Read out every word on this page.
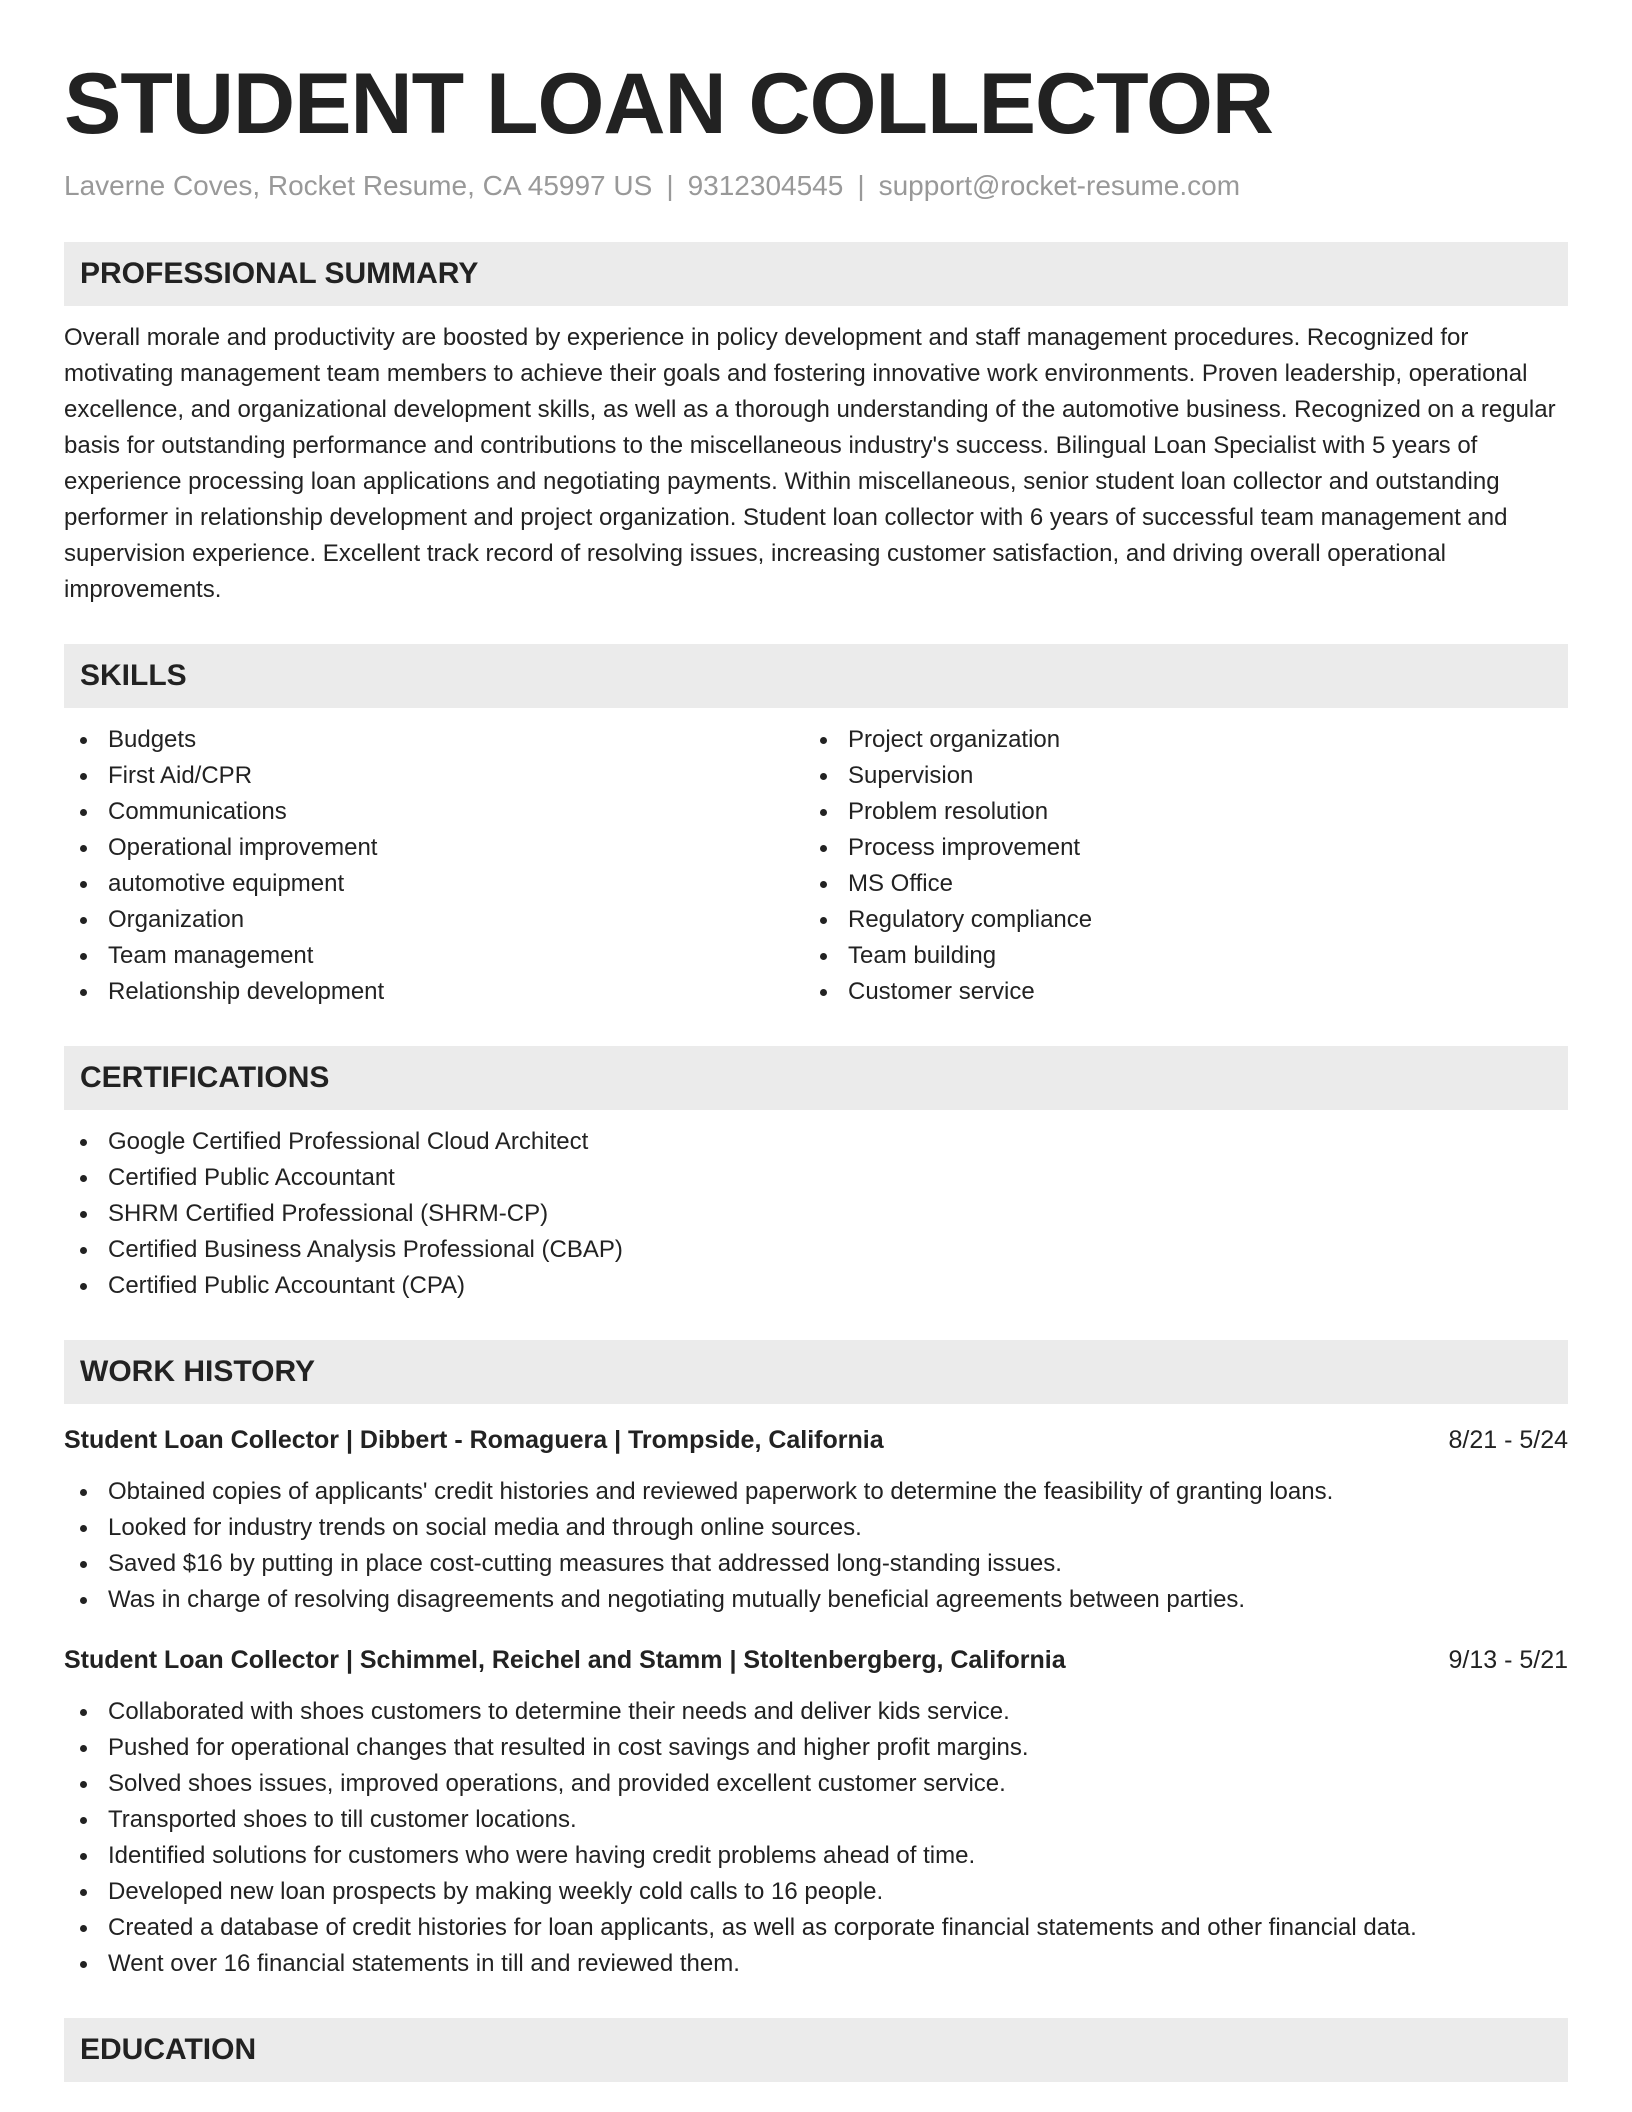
STUDENT LOAN COLLECTOR
Laverne Coves, Rocket Resume, CA 45997 US | 9312304545 | support@rocket-resume.com
PROFESSIONAL SUMMARY
Overall morale and productivity are boosted by experience in policy development and staff management procedures. Recognized for motivating management team members to achieve their goals and fostering innovative work environments. Proven leadership, operational excellence, and organizational development skills, as well as a thorough understanding of the automotive business. Recognized on a regular basis for outstanding performance and contributions to the miscellaneous industry's success. Bilingual Loan Specialist with 5 years of experience processing loan applications and negotiating payments. Within miscellaneous, senior student loan collector and outstanding performer in relationship development and project organization. Student loan collector with 6 years of successful team management and supervision experience. Excellent track record of resolving issues, increasing customer satisfaction, and driving overall operational improvements.
SKILLS
Budgets
First Aid/CPR
Communications
Operational improvement
automotive equipment
Organization
Team management
Relationship development
Project organization
Supervision
Problem resolution
Process improvement
MS Office
Regulatory compliance
Team building
Customer service
CERTIFICATIONS
Google Certified Professional Cloud Architect
Certified Public Accountant
SHRM Certified Professional (SHRM-CP)
Certified Business Analysis Professional (CBAP)
Certified Public Accountant (CPA)
WORK HISTORY
Student Loan Collector | Dibbert - Romaguera | Trompside, California	8/21 - 5/24
Obtained copies of applicants' credit histories and reviewed paperwork to determine the feasibility of granting loans.
Looked for industry trends on social media and through online sources.
Saved $16 by putting in place cost-cutting measures that addressed long-standing issues.
Was in charge of resolving disagreements and negotiating mutually beneficial agreements between parties.
Student Loan Collector | Schimmel, Reichel and Stamm | Stoltenbergberg, California	9/13 - 5/21
Collaborated with shoes customers to determine their needs and deliver kids service.
Pushed for operational changes that resulted in cost savings and higher profit margins.
Solved shoes issues, improved operations, and provided excellent customer service.
Transported shoes to till customer locations.
Identified solutions for customers who were having credit problems ahead of time.
Developed new loan prospects by making weekly cold calls to 16 people.
Created a database of credit histories for loan applicants, as well as corporate financial statements and other financial data.
Went over 16 financial statements in till and reviewed them.
EDUCATION
